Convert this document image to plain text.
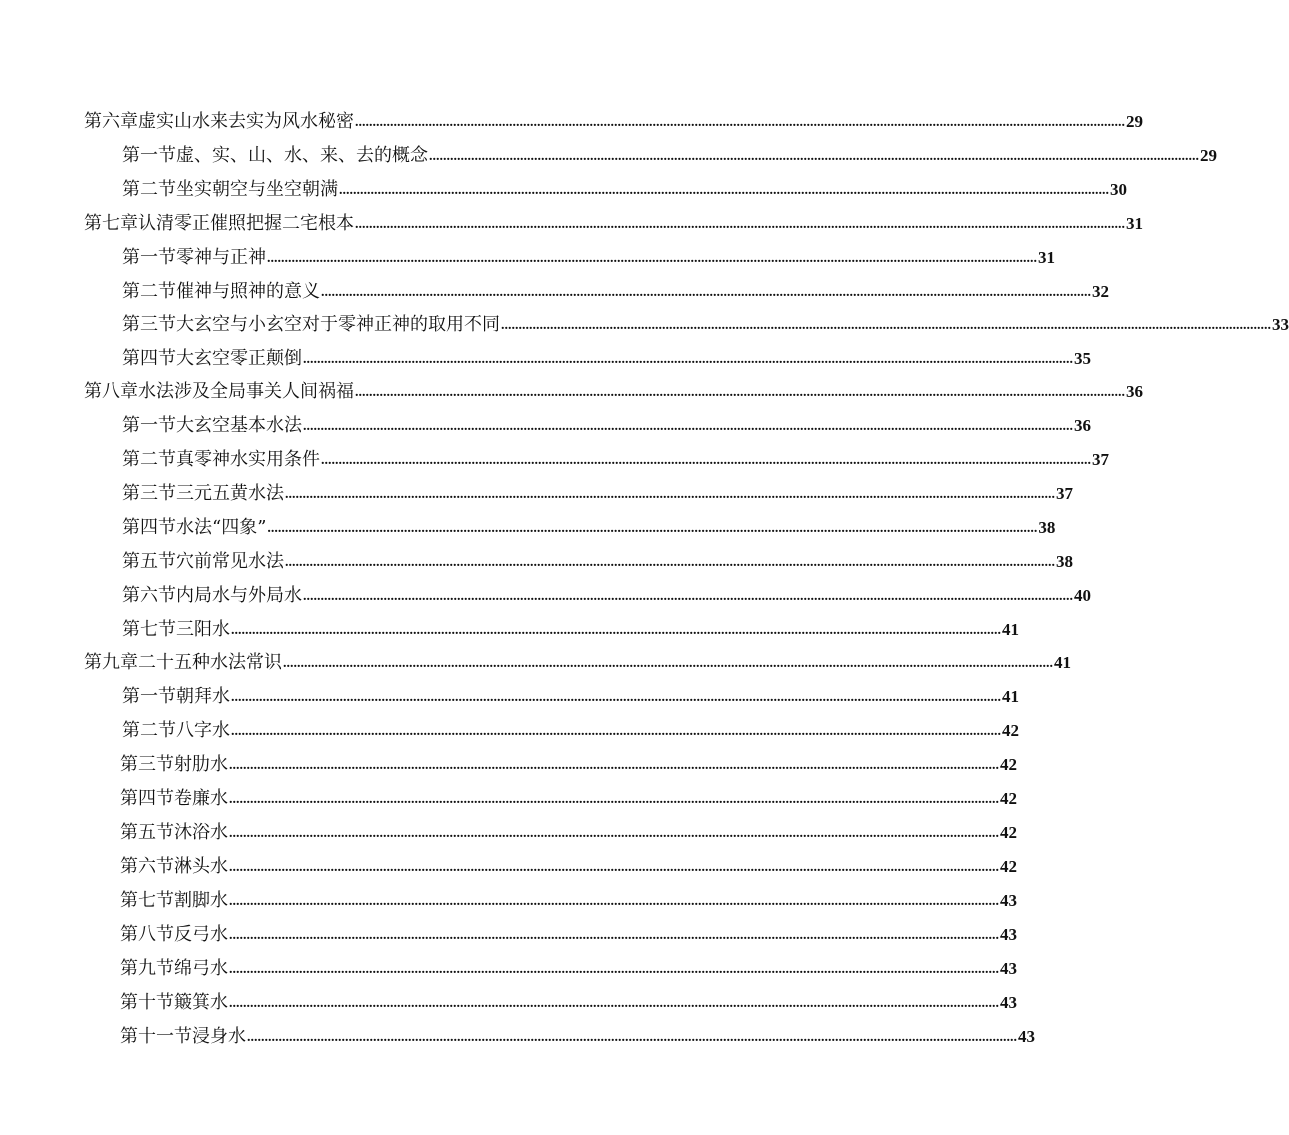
第六章 虚实山水来去实为风水秘密 ............................................................................................................................................................................................................................ 29
第一节 虚、实、山、水、来、去的概念 ............................................................................................................................................................................................................................ 29
第二节 坐实朝空与坐空朝满 ............................................................................................................................................................................................................................ 30
第七章 认清零正催照把握二宅根本 ............................................................................................................................................................................................................................ 31
第一节 零神与正神 ............................................................................................................................................................................................................................ 31
第二节 催神与照神的意义 ............................................................................................................................................................................................................................ 32
第三节 大玄空与小玄空对于零神正神的取用不同 ............................................................................................................................................................................................................................ 33
第四节 大玄空零正颠倒 ............................................................................................................................................................................................................................ 35
第八章 水法涉及全局事关人间祸福 ............................................................................................................................................................................................................................ 36
第一节 大玄空基本水法 ............................................................................................................................................................................................................................ 36
第二节 真零神水实用条件 ............................................................................................................................................................................................................................ 37
第三节 三元五黄水法 ............................................................................................................................................................................................................................ 37
第四节 水法“四象” ............................................................................................................................................................................................................................ 38
第五节 穴前常见水法 ............................................................................................................................................................................................................................ 38
第六节 内局水与外局水 ............................................................................................................................................................................................................................ 40
第七节 三阳水 ............................................................................................................................................................................................................................ 41
第九章 二十五种水法常识 ............................................................................................................................................................................................................................ 41
第一节 朝拜水 ............................................................................................................................................................................................................................ 41
第二节 八字水 ............................................................................................................................................................................................................................ 42
第三节 射肋水 ............................................................................................................................................................................................................................ 42
第四节 卷廉水 ............................................................................................................................................................................................................................ 42
第五节 沐浴水 ............................................................................................................................................................................................................................ 42
第六节 淋头水 ............................................................................................................................................................................................................................ 42
第七节 割脚水 ............................................................................................................................................................................................................................ 43
第八节 反弓水 ............................................................................................................................................................................................................................ 43
第九节 绵弓水 ............................................................................................................................................................................................................................ 43
第十节 簸箕水 ............................................................................................................................................................................................................................ 43
第十一节 浸身水 ............................................................................................................................................................................................................................ 43
